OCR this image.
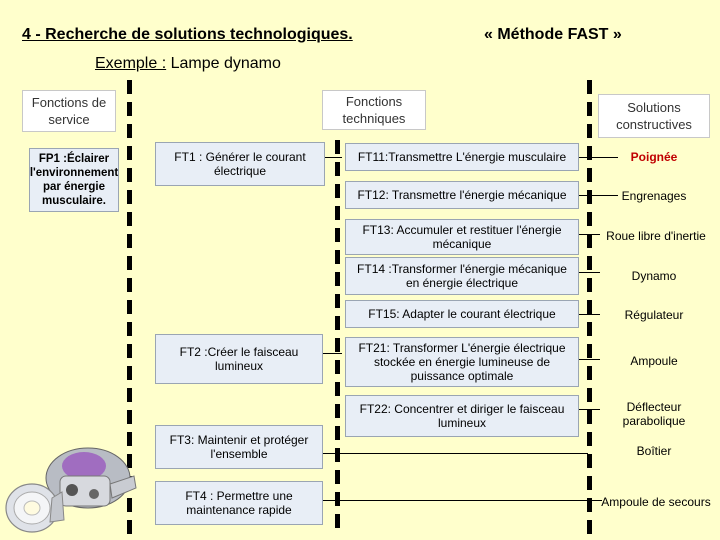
4 - Recherche de solutions technologiques.	« Méthode FAST »
Exemple : Lampe dynamo
Fonctions de service
Fonctions techniques
Solutions constructives
FP1 :Éclairer l'environnement par énergie musculaire.
FT1 : Générer le courant électrique
FT2 :Créer le faisceau lumineux
FT3: Maintenir et protéger l'ensemble
FT4 : Permettre une maintenance rapide
FT11:Transmettre L'énergie musculaire
FT12: Transmettre l'énergie mécanique
FT13: Accumuler et restituer l'énergie mécanique
FT14 :Transformer l'énergie mécanique en énergie électrique
FT15: Adapter le courant électrique
FT21: Transformer L'énergie électrique stockée en énergie lumineuse de puissance optimale
FT22: Concentrer et diriger le faisceau lumineux
Poignée
Engrenages
Roue libre d'inertie
Dynamo
Régulateur
Ampoule
Déflecteur parabolique
Boîtier
Ampoule de secours
